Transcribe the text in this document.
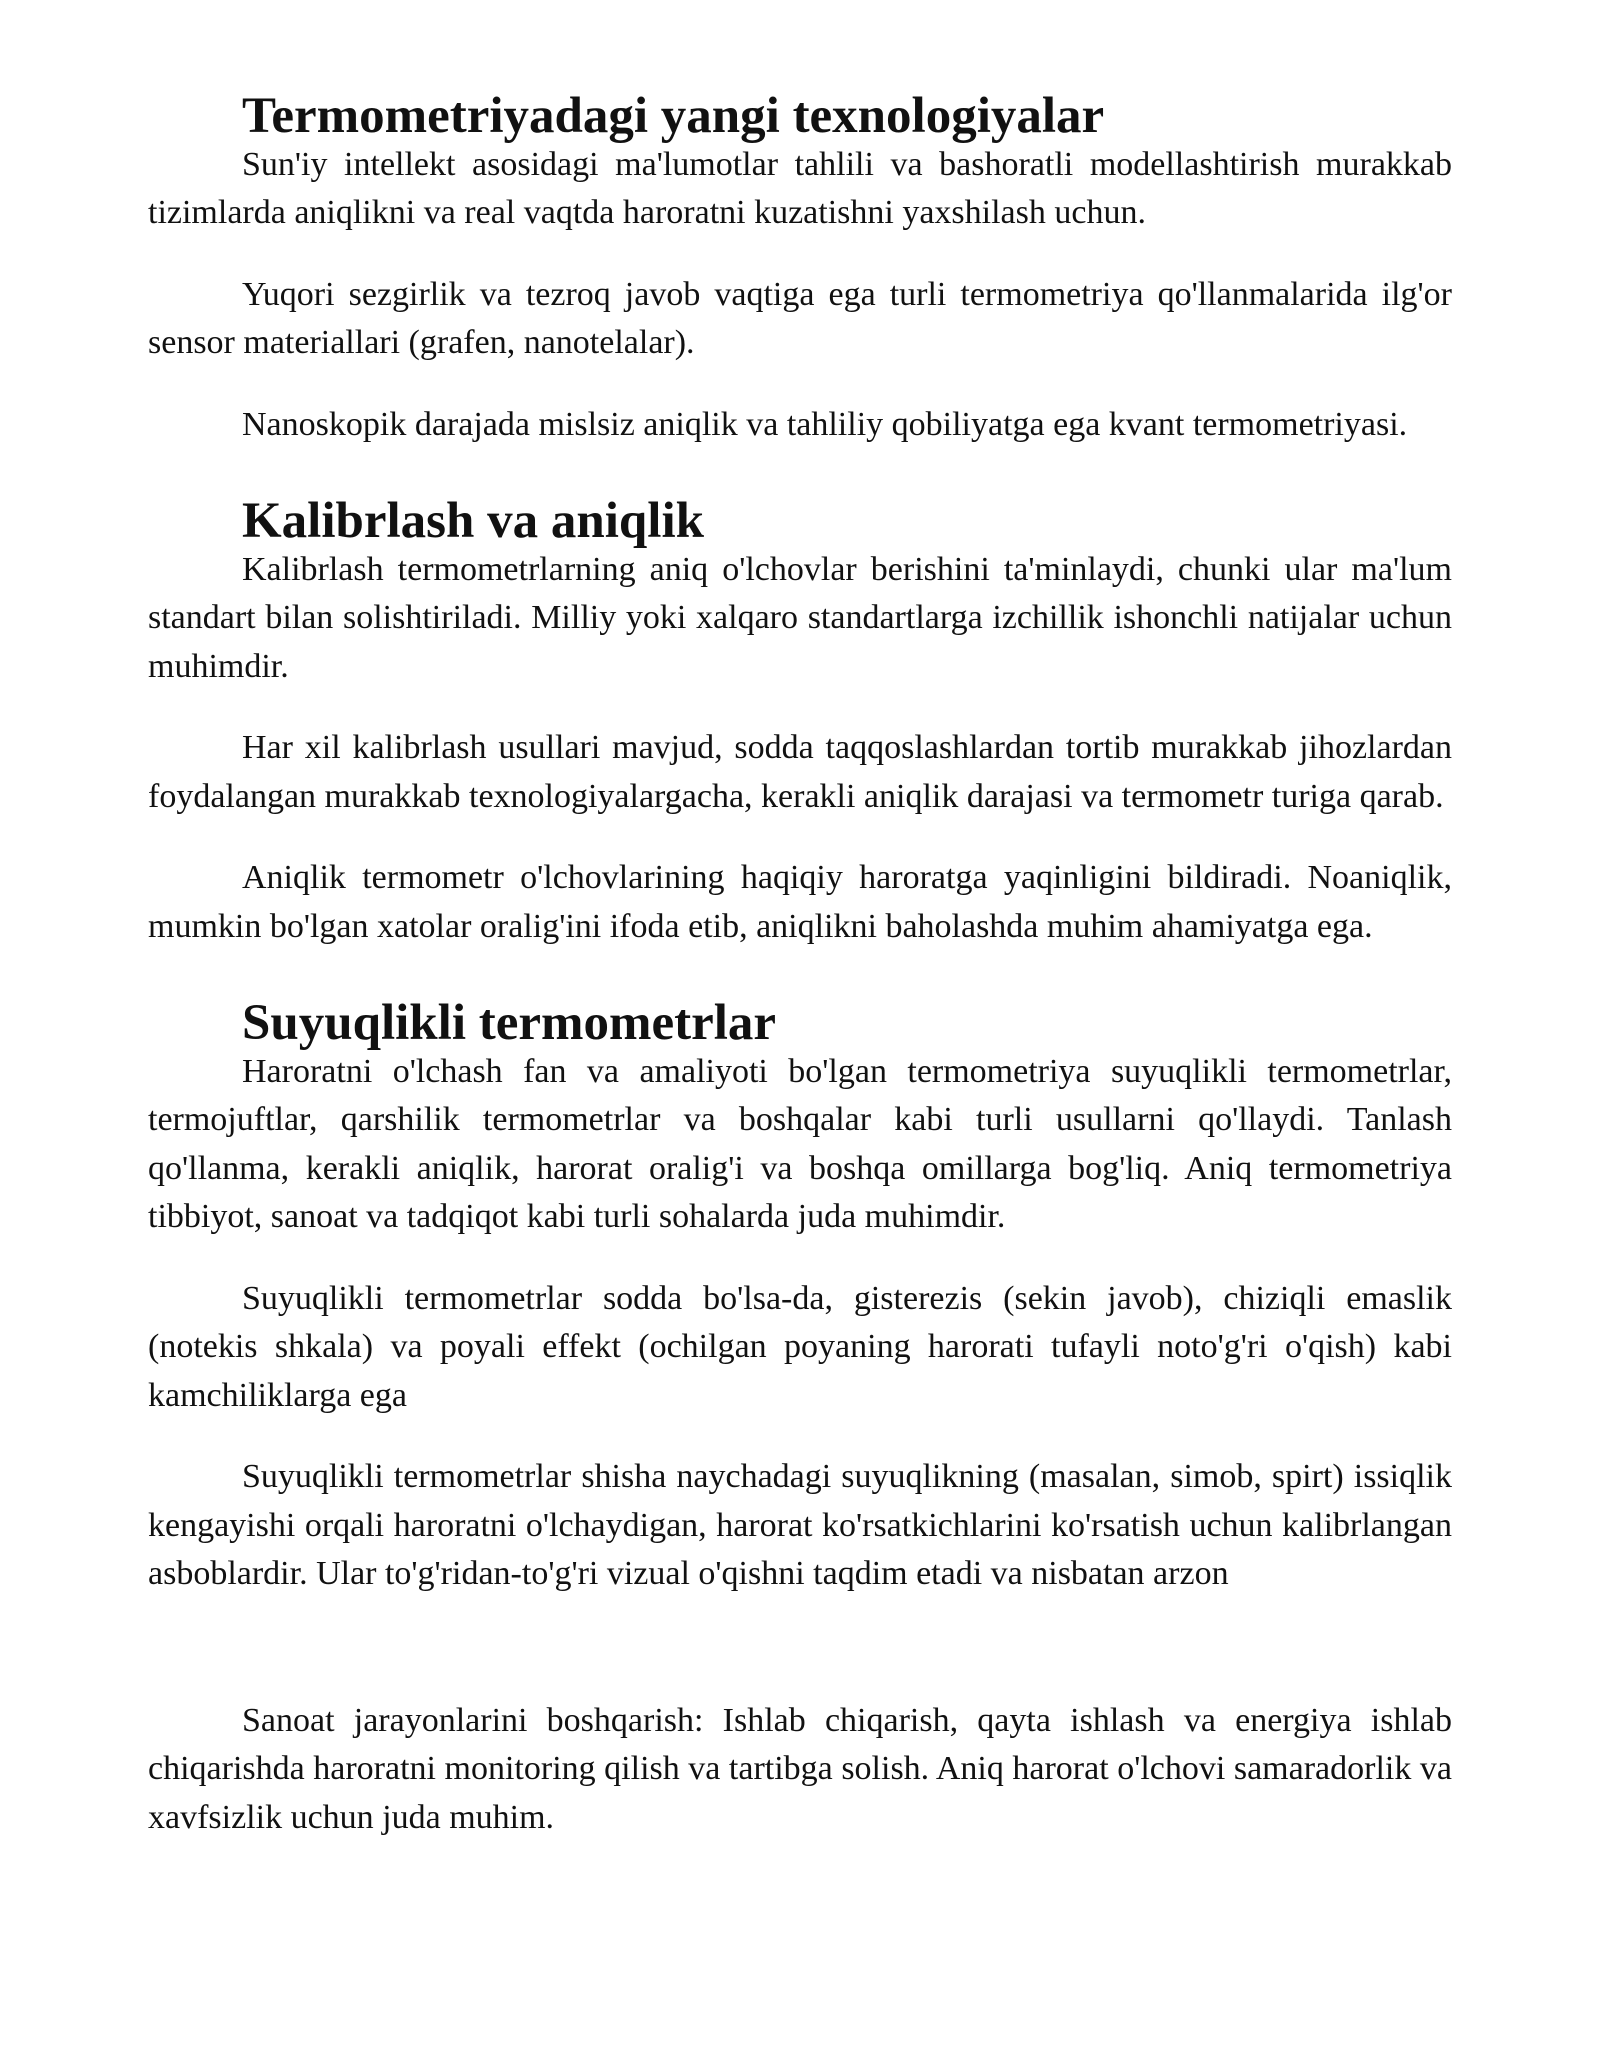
Termometriyadagi yangi texnologiyalar

Sun'iy intellekt asosidagi ma'lumotlar tahlili va bashoratli modellashtirish murakkab tizimlarda aniqlikni va real vaqtda haroratni kuzatishni yaxshilash uchun.

Yuqori sezgirlik va tezroq javob vaqtiga ega turli termometriya qo'llanmalarida ilg'or sensor materiallari (grafen, nanotelalar).

Nanoskopik darajada mislsiz aniqlik va tahliliy qobiliyatga ega kvant termometriyasi.

Kalibrlash va aniqlik

Kalibrlash termometrlarning aniq o'lchovlar berishini ta'minlaydi, chunki ular ma'lum standart bilan solishtiriladi. Milliy yoki xalqaro standartlarga izchillik ishonchli natijalar uchun muhimdir.

Har xil kalibrlash usullari mavjud, sodda taqqoslashlardan tortib murakkab jihozlardan foydalangan murakkab texnologiyalargacha, kerakli aniqlik darajasi va termometr turiga qarab.

Aniqlik termometr o'lchovlarining haqiqiy haroratga yaqinligini bildiradi. Noaniqlik, mumkin bo'lgan xatolar oralig'ini ifoda etib, aniqlikni baholashda muhim ahamiyatga ega.

Suyuqlikli termometrlar

Haroratni o'lchash fan va amaliyoti bo'lgan termometriya suyuqlikli termometrlar, termojuftlar, qarshilik termometrlar va boshqalar kabi turli usullarni qo'llaydi. Tanlash qo'llanma, kerakli aniqlik, harorat oralig'i va boshqa omillarga bog'liq. Aniq termometriya tibbiyot, sanoat va tadqiqot kabi turli sohalarda juda muhimdir.

Suyuqlikli termometrlar sodda bo'lsa-da, gisterezis (sekin javob), chiziqli emaslik (notekis shkala) va poyali effekt (ochilgan poyaning harorati tufayli noto'g'ri o'qish) kabi kamchiliklarga ega

Suyuqlikli termometrlar shisha naychadagi suyuqlikning (masalan, simob, spirt) issiqlik kengayishi orqali haroratni o'lchaydigan, harorat ko'rsatkichlarini ko'rsatish uchun kalibrlangan asboblardir. Ular to'g'ridan-to'g'ri vizual o'qishni taqdim etadi va nisbatan arzon

Sanoat jarayonlarini boshqarish: Ishlab chiqarish, qayta ishlash va energiya ishlab chiqarishda haroratni monitoring qilish va tartibga solish. Aniq harorat o'lchovi samaradorlik va xavfsizlik uchun juda muhim.
